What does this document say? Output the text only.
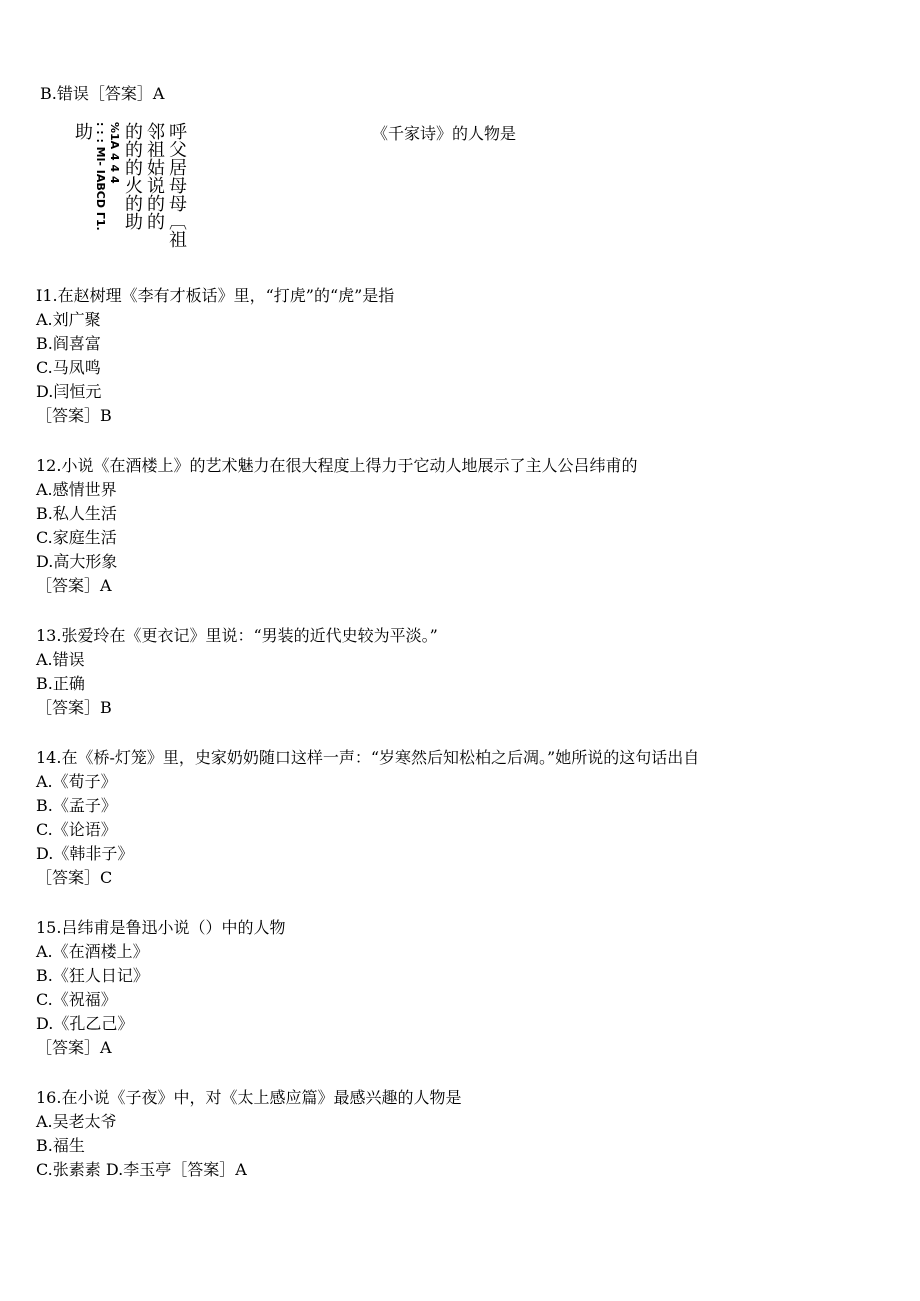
B.错误［答案］A
呼父居母母〔祖
邻祖姑说的的
的的的火的助
%1A 4 4 4
: : : Ml- IABCD Г1.
助	《千家诗》的人物是
I1.在赵树理《李有才板话》里，“打虎”的“虎”是指
A.刘广聚
B.阎喜富
C.马凤鸣
D.闫恒元
［答案］B
12.小说《在酒楼上》的艺术魅力在很大程度上得力于它动人地展示了主人公吕纬甫的
A.感情世界
B.私人生活
C.家庭生活
D.高大形象
［答案］A
13.张爱玲在《更衣记》里说：“男装的近代史较为平淡。”
A.错误
B.正确
［答案］B
14.在《桥-灯笼》里，史家奶奶随口这样一声：“岁寒然后知松柏之后凋。”她所说的这句话出自
A.《荀子》
B.《孟子》
C.《论语》
D.《韩非子》
［答案］C
15.吕纬甫是鲁迅小说（）中的人物
A.《在酒楼上》
B.《狂人日记》
C.《祝福》
D.《孔乙己》
［答案］A
16.在小说《子夜》中，对《太上感应篇》最感兴趣的人物是
A.吴老太爷
B.福生
C.张素素 D.李玉亭［答案］A
